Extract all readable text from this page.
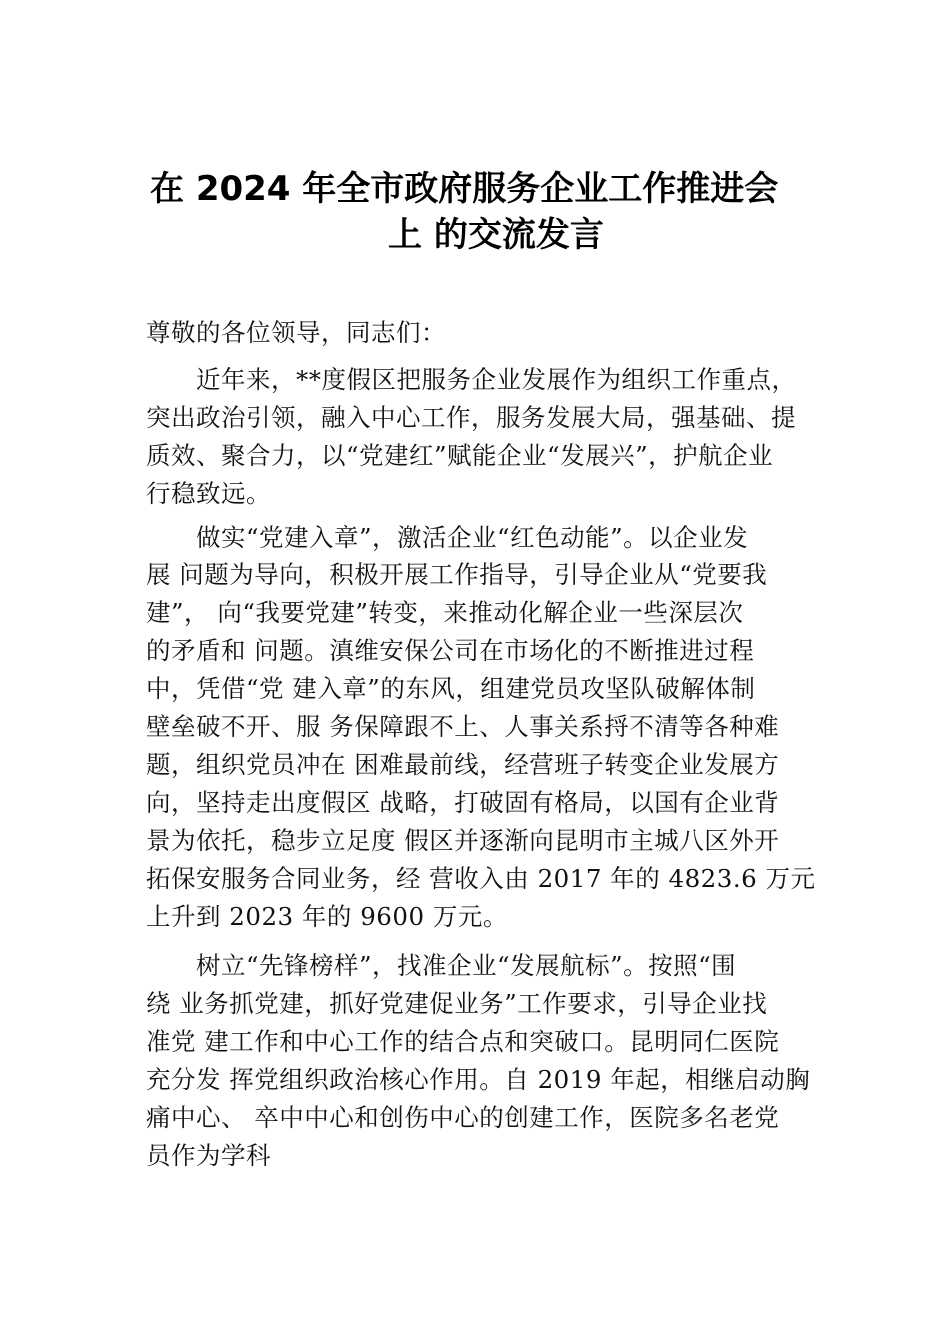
在 2024 年全市政府服务企业工作推进会
上 的交流发言
尊敬的各位领导，同志们：
近年来，**度假区把服务企业发展作为组织工作重点，
突出政治引领，融入中心工作，服务发展大局，强基础、提
质效、聚合力，以“党建红”赋能企业“发展兴”，护航企业
行稳致远。
做实“党建入章”，激活企业“红色动能”。以企业发
展 问题为导向，积极开展工作指导，引导企业从“党要我
建”， 向“我要党建”转变，来推动化解企业一些深层次
的矛盾和 问题。滇维安保公司在市场化的不断推进过程
中，凭借“党 建入章”的东风，组建党员攻坚队破解体制
壁垒破不开、服 务保障跟不上、人事关系捋不清等各种难
题，组织党员冲在 困难最前线，经营班子转变企业发展方
向，坚持走出度假区 战略，打破固有格局，以国有企业背
景为依托，稳步立足度 假区并逐渐向昆明市主城八区外开
拓保安服务合同业务，经 营收入由 2017 年的 4823.6 万元
上升到 2023 年的 9600 万元。
树立“先锋榜样”，找准企业“发展航标”。按照“围
绕 业务抓党建，抓好党建促业务”工作要求，引导企业找
准党 建工作和中心工作的结合点和突破口。昆明同仁医院
充分发 挥党组织政治核心作用。自 2019 年起，相继启动胸
痛中心、 卒中中心和创伤中心的创建工作，医院多名老党
员作为学科
